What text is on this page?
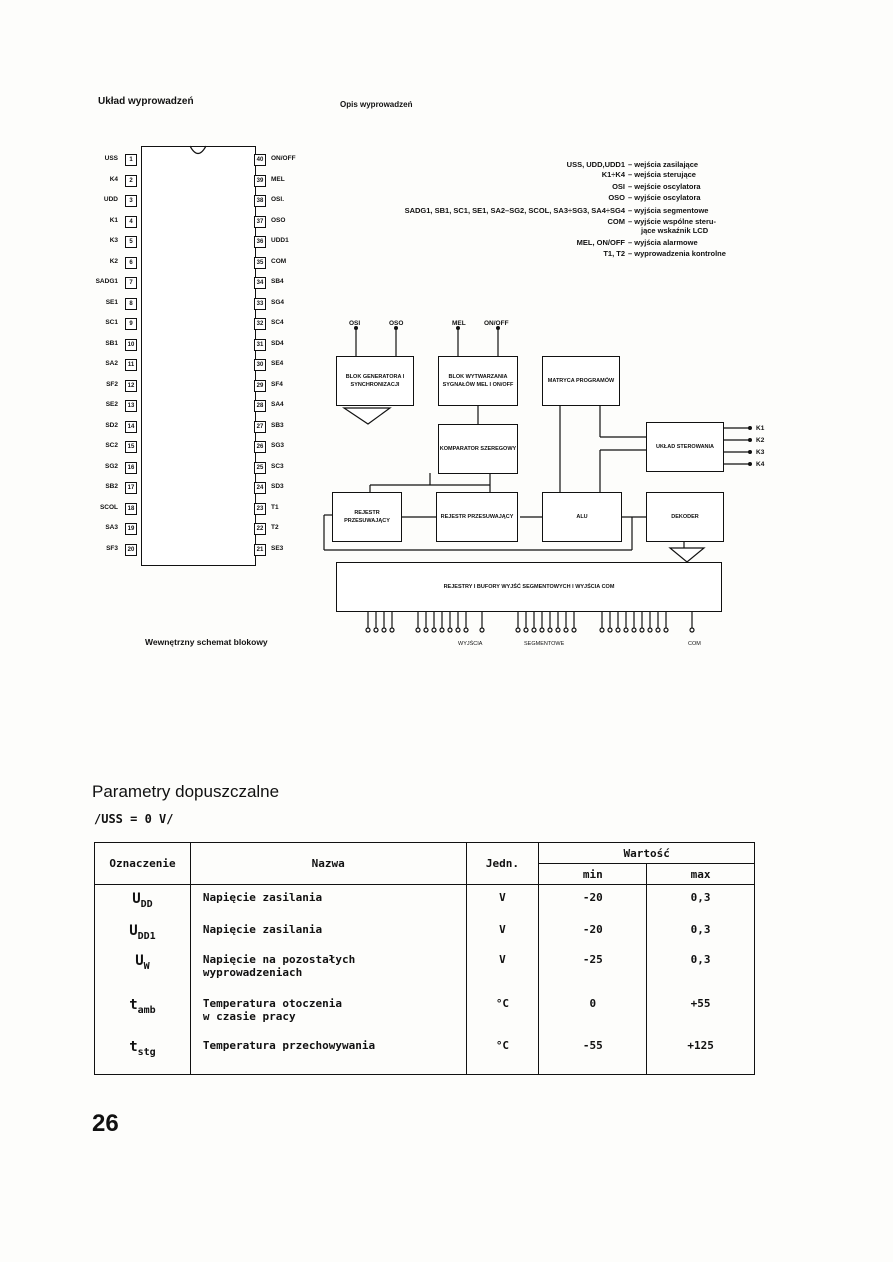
Układ wyprowadzeń	Opis wyprowadzeń
USS	1
K4	2
UDD	3
K1	4
K3	5
K2	6
SADG1	7
SE1	8
SC1	9
SB1	10
SA2	11
SF2	12
SE2	13
SD2	14
SC2	15
SG2	16
SB2	17
SCOL	18
SA3	19
SF3	20
40	ON/OFF
39	MEL
38	OSI.
37	OSO
36	UDD1
35	COM
34	SB4
33	SG4
32	SC4
31	SD4
30	SE4
29	SF4
28	SA4
27	SB3
26	SG3
25	SC3
24	SD3
23	T1
22	T2
21	SE3
USS, UDD,UDD1 – wejścia zasilające
K1÷K4 – wejścia sterujące
OSI – wejście oscylatora
OSO – wyjście oscylatora
SADG1, SB1, SC1, SE1, SA2–SG2, SCOL, SA3÷SG3, SA4÷SG4 – wyjścia segmentowe
COM – wyjście wspólne steru-
jące wskaźnik LCD
MEL, ON/OFF – wyjścia alarmowe
T1, T2 – wyprowadzenia kontrolne
OSI	OSO	MEL	ON/OFF
BLOK GENERATORA I SYNCHRONIZACJI
BLOK WYTWARZANIA SYGNAŁÓW MEL I ON/OFF
MATRYCA PROGRAMÓW
KOMPARATOR SZEREGOWY	UKŁAD STEROWANIA
REJESTR PRZESUWAJĄCY
REJESTR PRZESUWAJĄCY	ALU	DEKODER
REJESTRY I BUFORY WYJŚĆ SEGMENTOWYCH I WYJŚCIA COM
K1
K2
K3
K4
WYJŚCIA	SEGMENTOWE	COM
Wewnętrzny schemat blokowy
Parametry dopuszczalne
/USS = 0 V/
Oznaczenie	Nazwa	Jedn.	Wartość	
			min	max
$U_{DD}$	Napięcie zasilania	V	-20	0,3
$U_{DD1}$	Napięcie zasilania	V	-20	0,3
$U_W$	Napięcie na pozostałych
wyprowadzeniach	V	-25	0,3
$t_{amb}$	Temperatura otoczenia
w czasie pracy	°C	0	+55
$t_{stg}$	Temperatura przechowywania	°C	-55	+125
26
